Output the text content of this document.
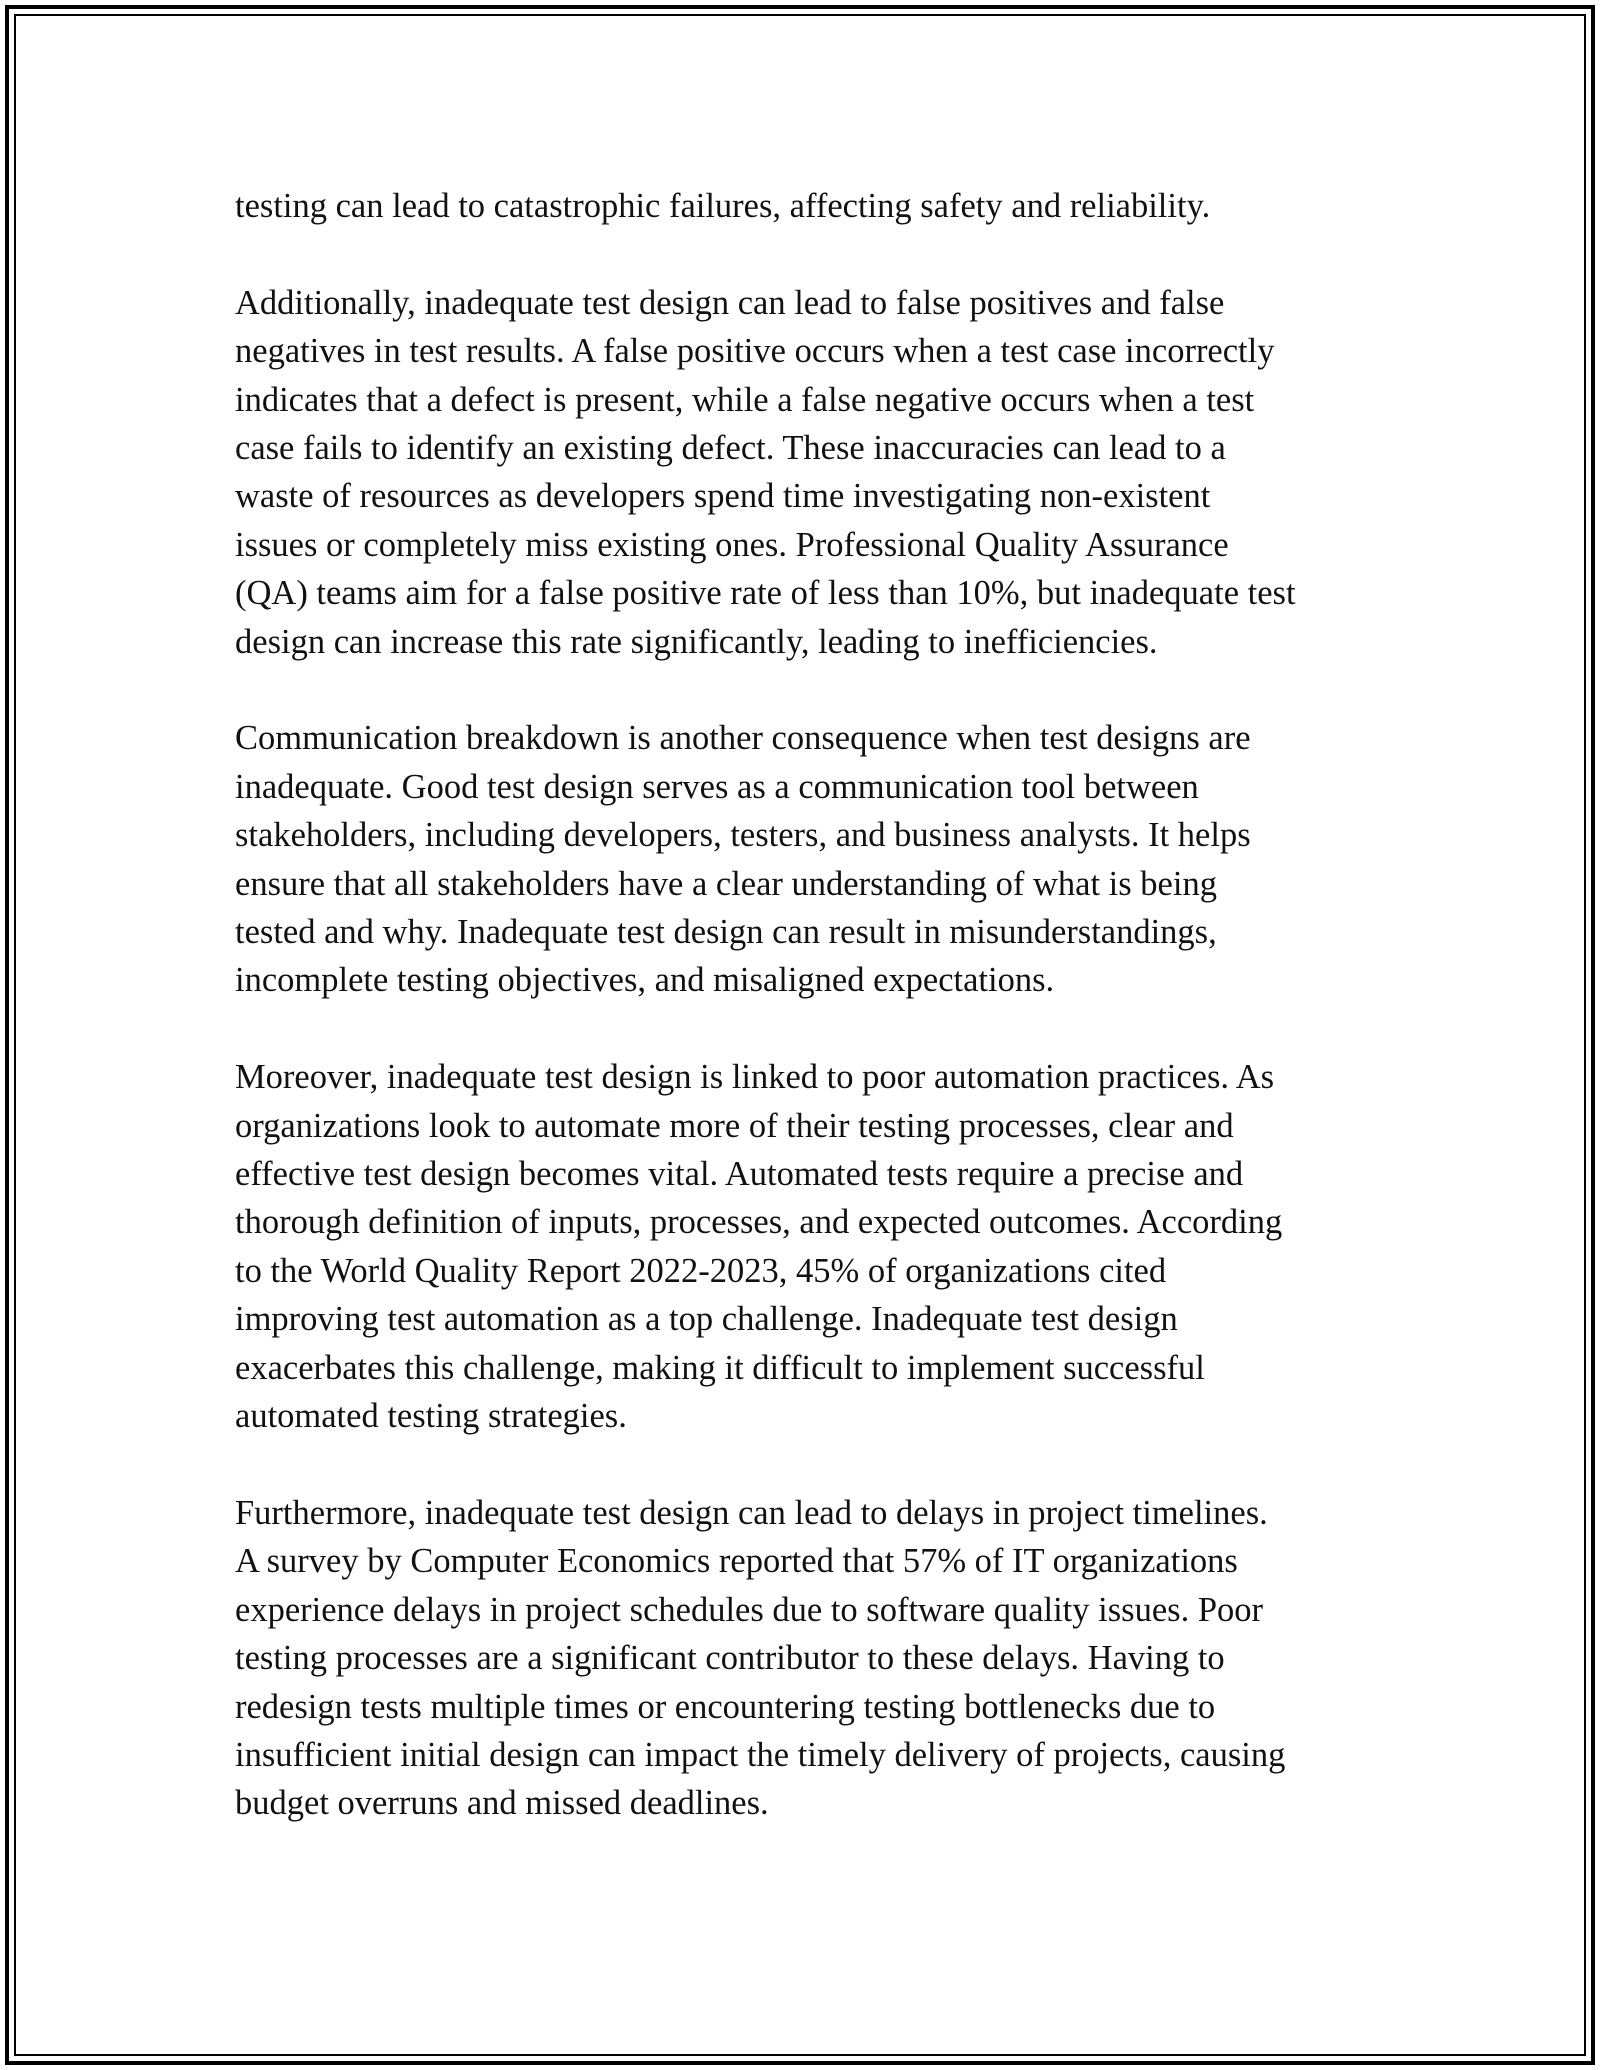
testing can lead to catastrophic failures, affecting safety and reliability.

Additionally, inadequate test design can lead to false positives and false
negatives in test results. A false positive occurs when a test case incorrectly
indicates that a defect is present, while a false negative occurs when a test
case fails to identify an existing defect. These inaccuracies can lead to a
waste of resources as developers spend time investigating non-existent
issues or completely miss existing ones. Professional Quality Assurance
(QA) teams aim for a false positive rate of less than 10%, but inadequate test
design can increase this rate significantly, leading to inefficiencies.

Communication breakdown is another consequence when test designs are
inadequate. Good test design serves as a communication tool between
stakeholders, including developers, testers, and business analysts. It helps
ensure that all stakeholders have a clear understanding of what is being
tested and why. Inadequate test design can result in misunderstandings,
incomplete testing objectives, and misaligned expectations.

Moreover, inadequate test design is linked to poor automation practices. As
organizations look to automate more of their testing processes, clear and
effective test design becomes vital. Automated tests require a precise and
thorough definition of inputs, processes, and expected outcomes. According
to the World Quality Report 2022-2023, 45% of organizations cited
improving test automation as a top challenge. Inadequate test design
exacerbates this challenge, making it difficult to implement successful
automated testing strategies.

Furthermore, inadequate test design can lead to delays in project timelines.
A survey by Computer Economics reported that 57% of IT organizations
experience delays in project schedules due to software quality issues. Poor
testing processes are a significant contributor to these delays. Having to
redesign tests multiple times or encountering testing bottlenecks due to
insufficient initial design can impact the timely delivery of projects, causing
budget overruns and missed deadlines.
